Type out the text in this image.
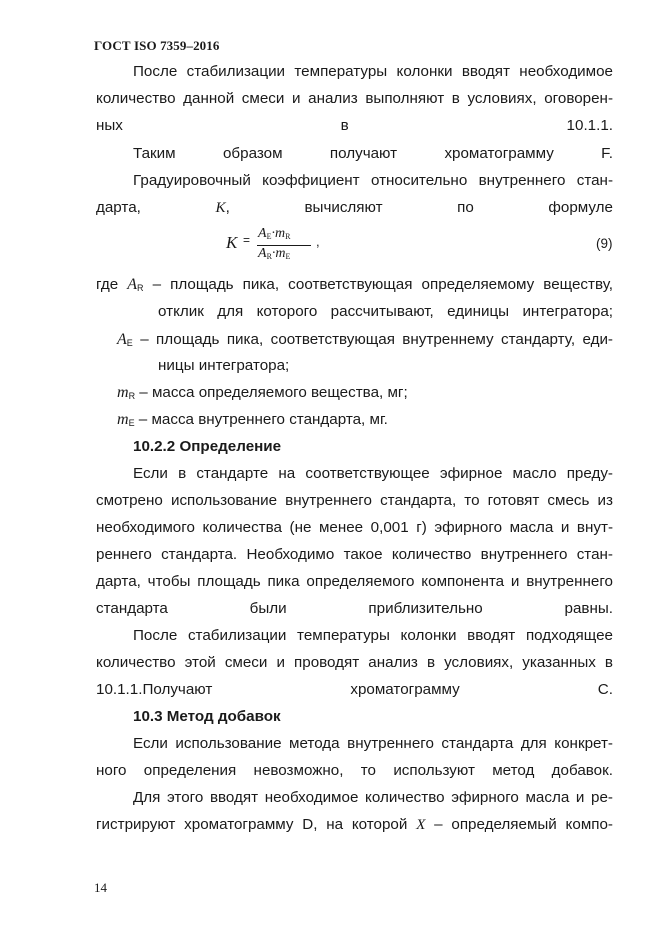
ГОСТ ISO 7359–2016
После стабилизации температуры колонки вводят необходимое
количество данной смеси и анализ выполняют в условиях, оговорен-
ных в 10.1.1.
Таким образом получают хроматограмму F.
Градуировочный коэффициент относительно внутреннего стан-
дарта, K, вычисляют по формуле
$K = A_E\cdot m_R$
$A_R\cdot m_E$
,	(9)
где $A_R$ – площадь пика, соответствующая определяемому веществу,
отклик для которого рассчитывают, единицы интегратора;
$A_E$ – площадь пика, соответствующая внутреннему стандарту, еди-
ницы интегратора;
$m_R$ – масса определяемого вещества, мг;
$m_E$ – масса внутреннего стандарта, мг.
10.2.2 Определение
Если в стандарте на соответствующее эфирное масло преду-
смотрено использование внутреннего стандарта, то готовят смесь из
необходимого количества (не менее 0,001 г) эфирного масла и внут-
реннего стандарта. Необходимо такое количество внутреннего стан-
дарта, чтобы площадь пика определяемого компонента и внутреннего
стандарта были приблизительно равны.
После стабилизации температуры колонки вводят подходящее
количество этой смеси и проводят анализ в условиях, указанных в
10.1.1.Получают хроматограмму С.
10.3 Метод добавок
Если использование метода внутреннего стандарта для конкрет-
ного определения невозможно, то используют метод добавок.
Для этого вводят необходимое количество эфирного масла и ре-
гистрируют хроматограмму D, на которой X – определяемый компо-
14
